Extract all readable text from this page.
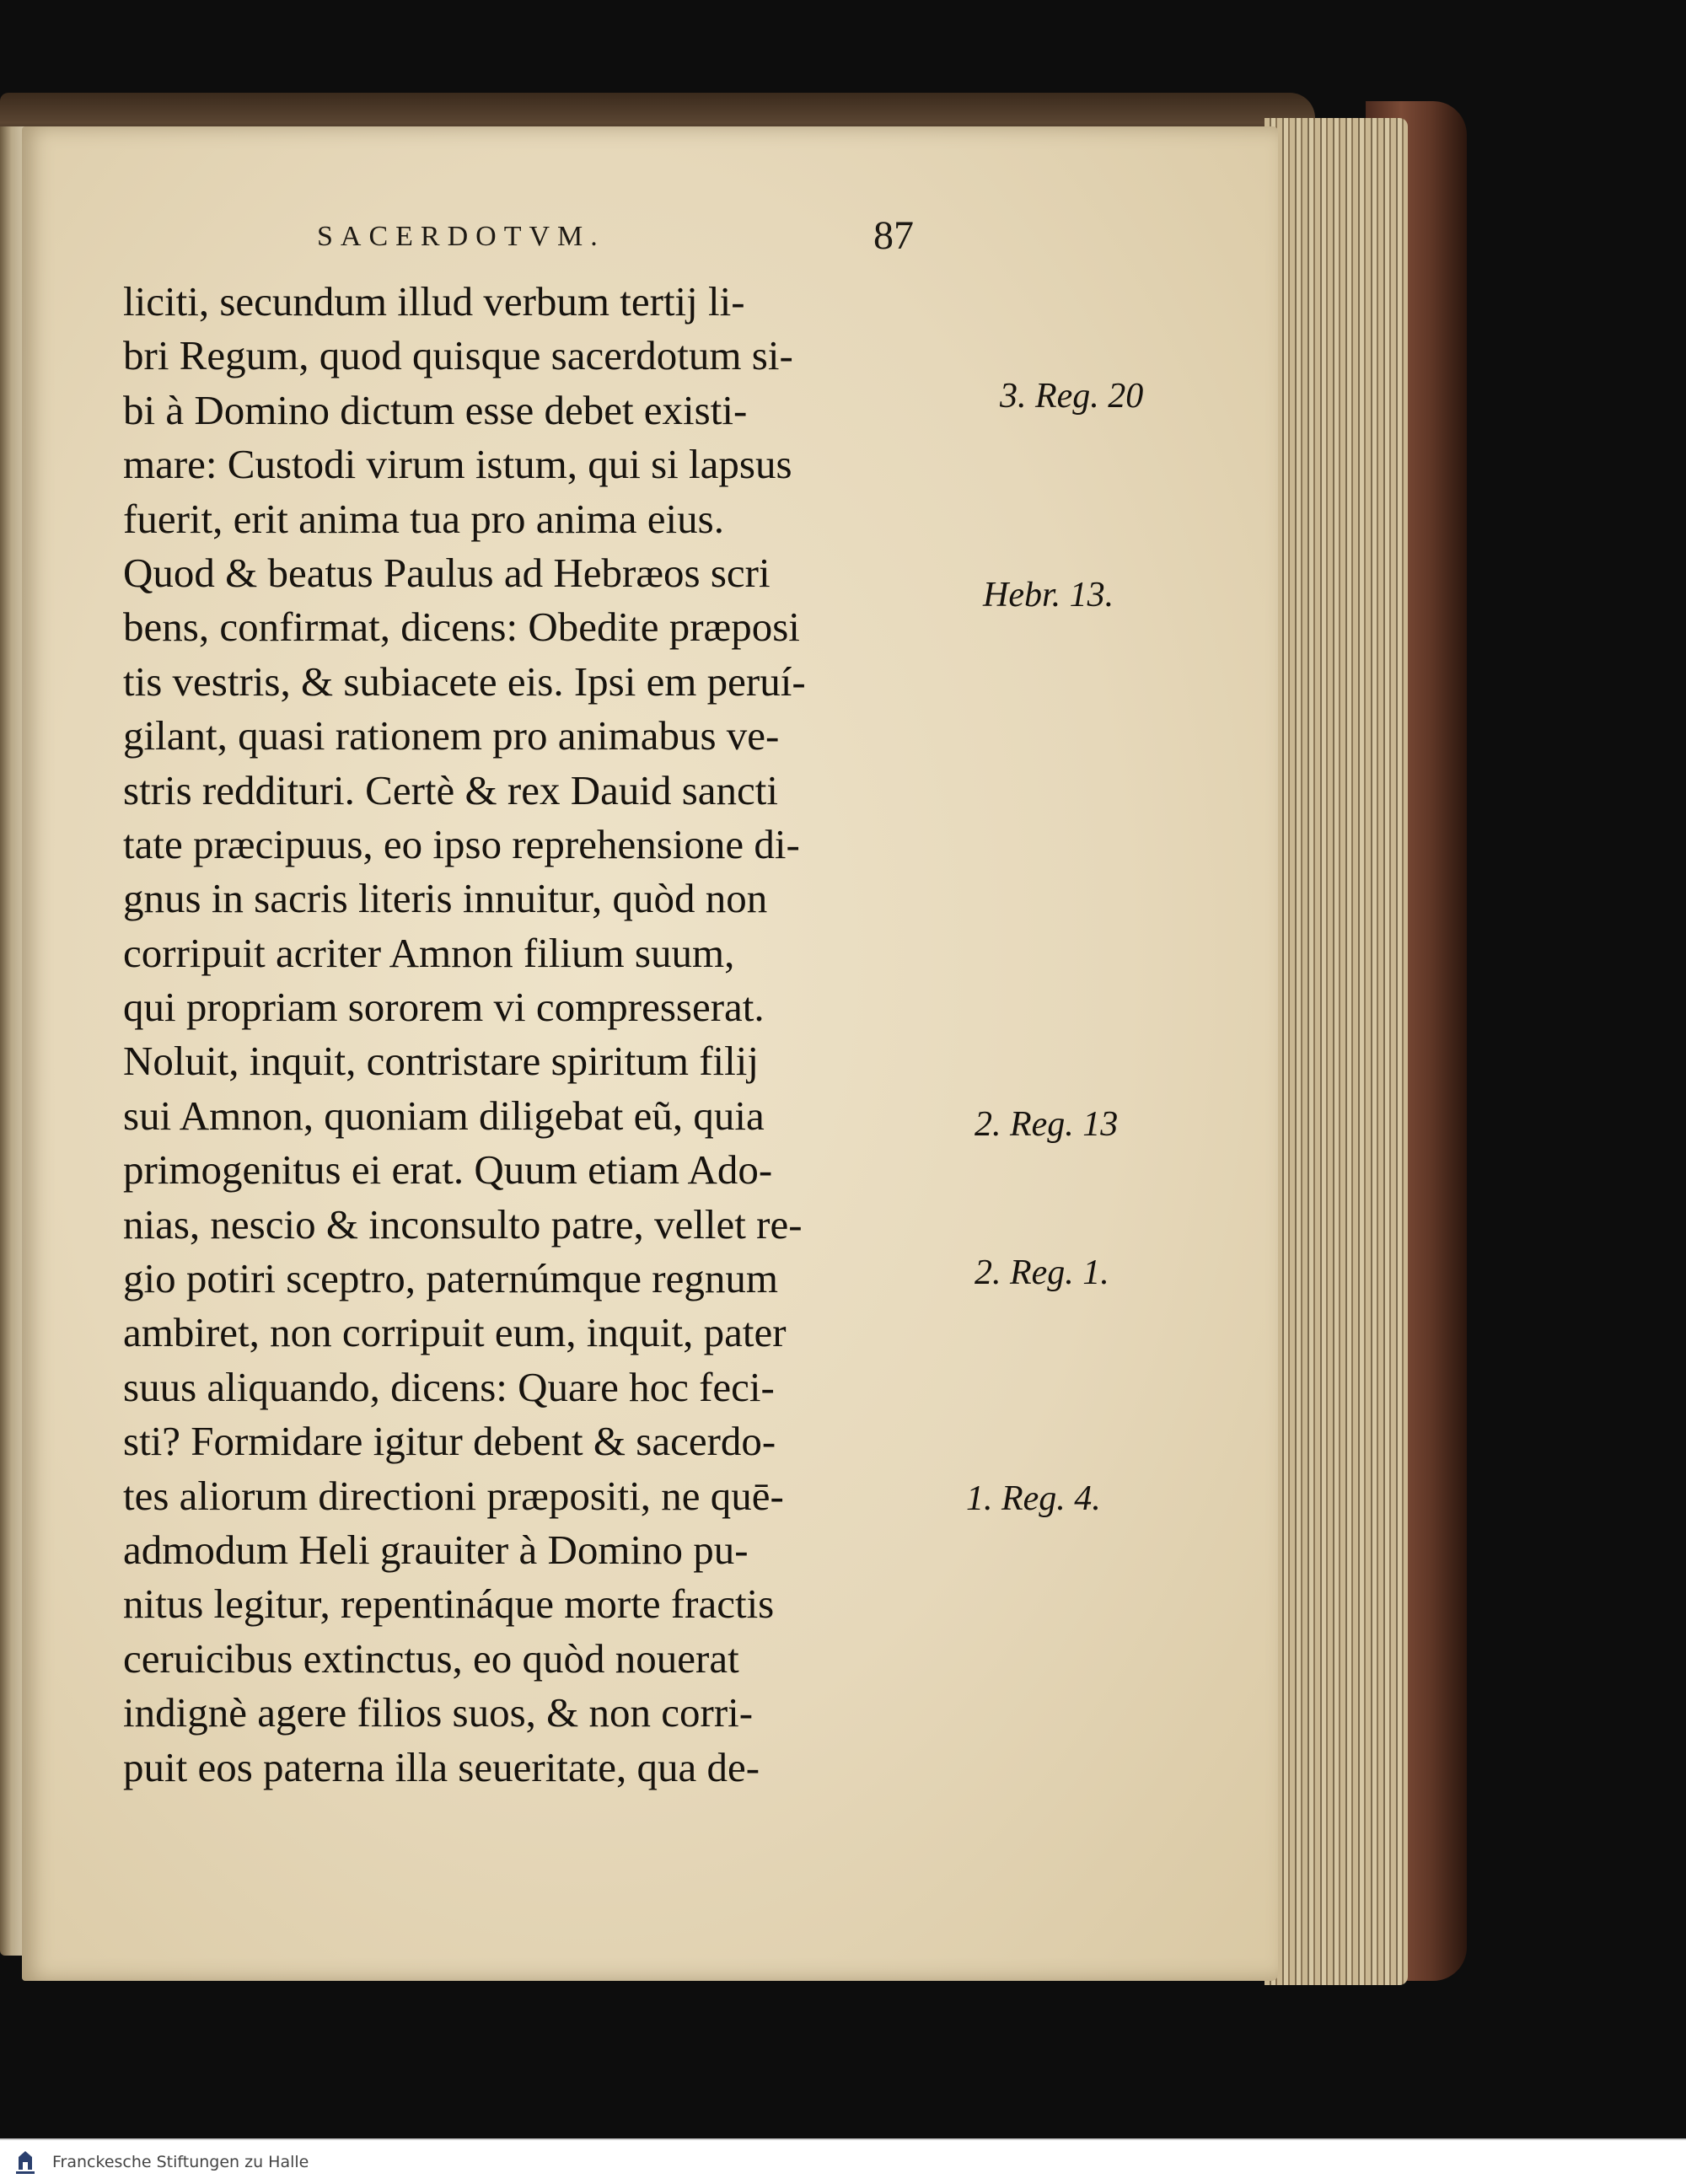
SACERDOTVM.	87
liciti, secundum illud verbum tertij li-
bri Regum, quod quisque sacerdotum si-
bi à Domino dictum esse debet existi-
mare: Custodi virum istum, qui si lapsus
fuerit, erit anima tua pro anima eius.
Quod & beatus Paulus ad Hebræos scri
bens, confirmat, dicens: Obedite præposi
tis vestris, & subiacete eis. Ipsi em peruí-
gilant, quasi rationem pro animabus ve-
stris reddituri. Certè & rex Dauid sancti
tate præcipuus, eo ipso reprehensione di-
gnus in sacris literis innuitur, quòd non
corripuit acriter Amnon filium suum,
qui propriam sororem vi compresserat.
Noluit, inquit, contristare spiritum filij
sui Amnon, quoniam diligebat eũ, quia
primogenitus ei erat. Quum etiam Ado-
nias, nescio & inconsulto patre, vellet re-
gio potiri sceptro, paternúmque regnum
ambiret, non corripuit eum, inquit, pater
suus aliquando, dicens: Quare hoc feci-
sti? Formidare igitur debent & sacerdo-
tes aliorum directioni præpositi, ne quē-
admodum Heli grauiter à Domino pu-
nitus legitur, repentináque morte fractis
ceruicibus extinctus, eo quòd nouerat
indignè agere filios suos, & non corri-
puit eos paterna illa seueritate, qua de-
3. Reg. 20
Hebr. 13.
2. Reg. 13
2. Reg. 1.
1. Reg. 4.
Franckesche Stiftungen zu Halle
